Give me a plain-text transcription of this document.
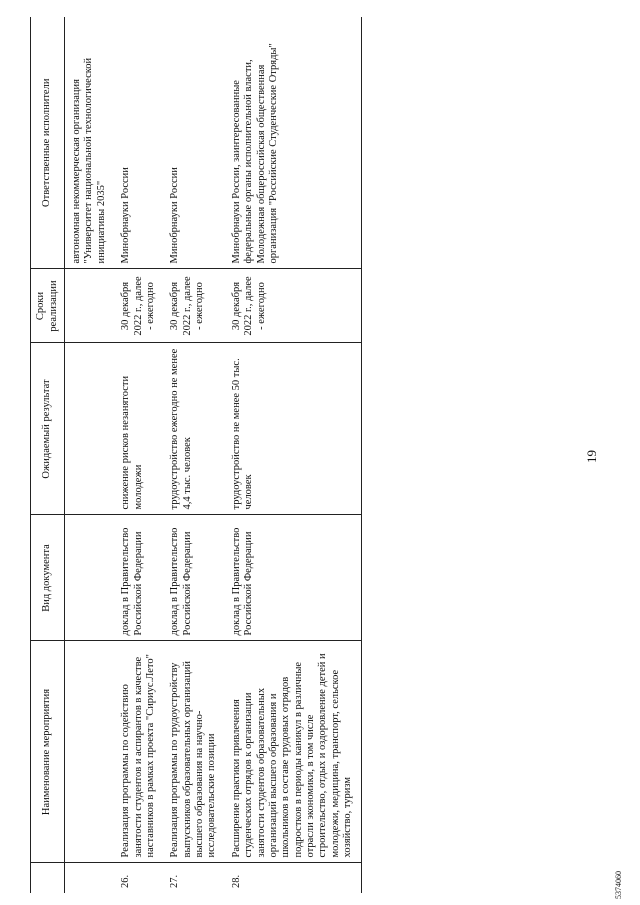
19
	Наименование мероприятия	Вид документа	Ожидаемый результат	Сроки реализации	Ответственные исполнители
					автономная некоммерческая организация "Университет национальной технологической инициативы 2035"
26.	Реализация программы по содействию занятости студентов и аспирантов в качестве наставников в рамках проекта "Сириус.Лето"	доклад в Правительство Российской Федерации	снижение рисков незанятости молодежи	30 декабря 2022 г., далее - ежегодно	Минобрнауки России
27.	Реализация программы по трудоустройству выпускников образовательных организаций высшего образования на научно-исследовательские позиции	доклад в Правительство Российской Федерации	трудоустройство ежегодно не менее 4,4 тыс. человек	30 декабря 2022 г., далее - ежегодно	Минобрнауки России
28.	Расширение практики привлечения студенческих отрядов к организации занятости студентов образовательных организаций высшего образования и школьников в составе трудовых отрядов подростков в периоды каникул в различные отрасли экономики, в том числе строительство, отдых и оздоровление детей и молодежи, медицина, транспорт, сельское хозяйство, туризм	доклад в Правительство Российской Федерации	трудоустройство не менее 50 тыс. человек	30 декабря 2022 г., далее - ежегодно	Минобрнауки России, заинтересованные федеральные органы исполнительной власти, Молодежная общероссийская общественная организация "Российские Студенческие Отряды"
5374060
